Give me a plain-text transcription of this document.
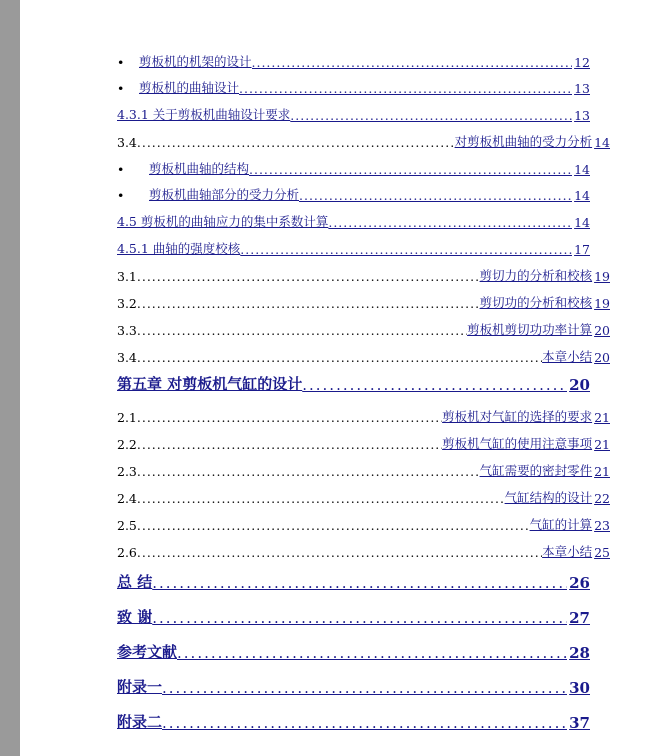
•	剪板机的机架的设计 .....	12
•	剪板机的曲轴设计 .....	13
4.3.1 关于剪板机曲轴设计要求 .....	13
3.4 .....	对剪板机曲轴的受力分析 14
•	剪板机曲轴的结构 .....	14
•	剪板机曲轴部分的受力分析 .....	14
4.5 剪板机的曲轴应力的集中系数计算 .....	14
4.5.1 曲轴的强度校核 .....	17
3.1 .....	剪切力的分析和校核 19
3.2 .....	剪切功的分析和校核 19
3.3 .....	剪板机剪切功功率计算 20
3.4 .....	本章小结 20
第五章 对剪板机气缸的设计 .....	20
2.1 .....	剪板机对气缸的选择的要求 21
2.2 .....	剪板机气缸的使用注意事项 21
2.3 .....	气缸需要的密封零件 21
2.4 .....	气缸结构的设计 22
2.5 .....	气缸的计算 23
2.6 .....	本章小结 25
总 结 .....	26
致 谢 .....	27
参考文献 .....	28
附录一 .....	30
附录二 .....	37
